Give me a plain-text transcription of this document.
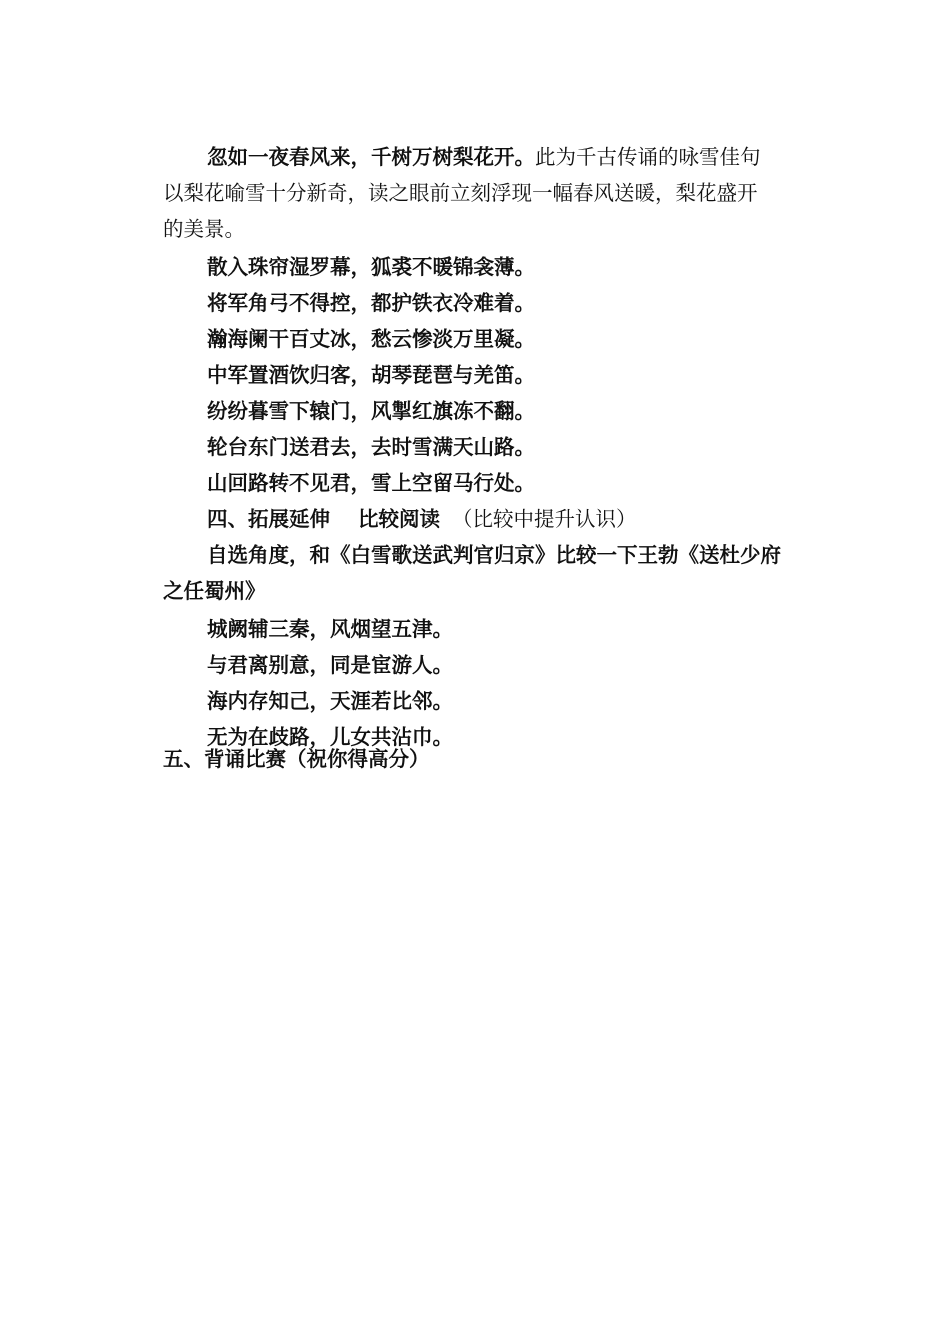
忽如一夜春风来，千树万树梨花开。此为千古传诵的咏雪佳句

以梨花喻雪十分新奇，读之眼前立刻浮现一幅春风送暖，梨花盛开

的美景。

散入珠帘湿罗幕，狐裘不暖锦衾薄。

将军角弓不得控，都护铁衣冷难着。

瀚海阑干百丈冰，愁云惨淡万里凝。

中军置酒饮归客，胡琴琵琶与羌笛。

纷纷暮雪下辕门，风掣红旗冻不翻。

轮台东门送君去，去时雪满天山路。

山回路转不见君，雪上空留马行处。

四、拓展延伸 比较阅读 （比较中提升认识）

自选角度，和《白雪歌送武判官归京》比较一下王勃《送杜少府

之任蜀州》

城阙辅三秦，风烟望五津。

与君离别意，同是宦游人。

海内存知己，天涯若比邻。

无为在歧路，儿女共沾巾。

五、背诵比赛（祝你得高分）
